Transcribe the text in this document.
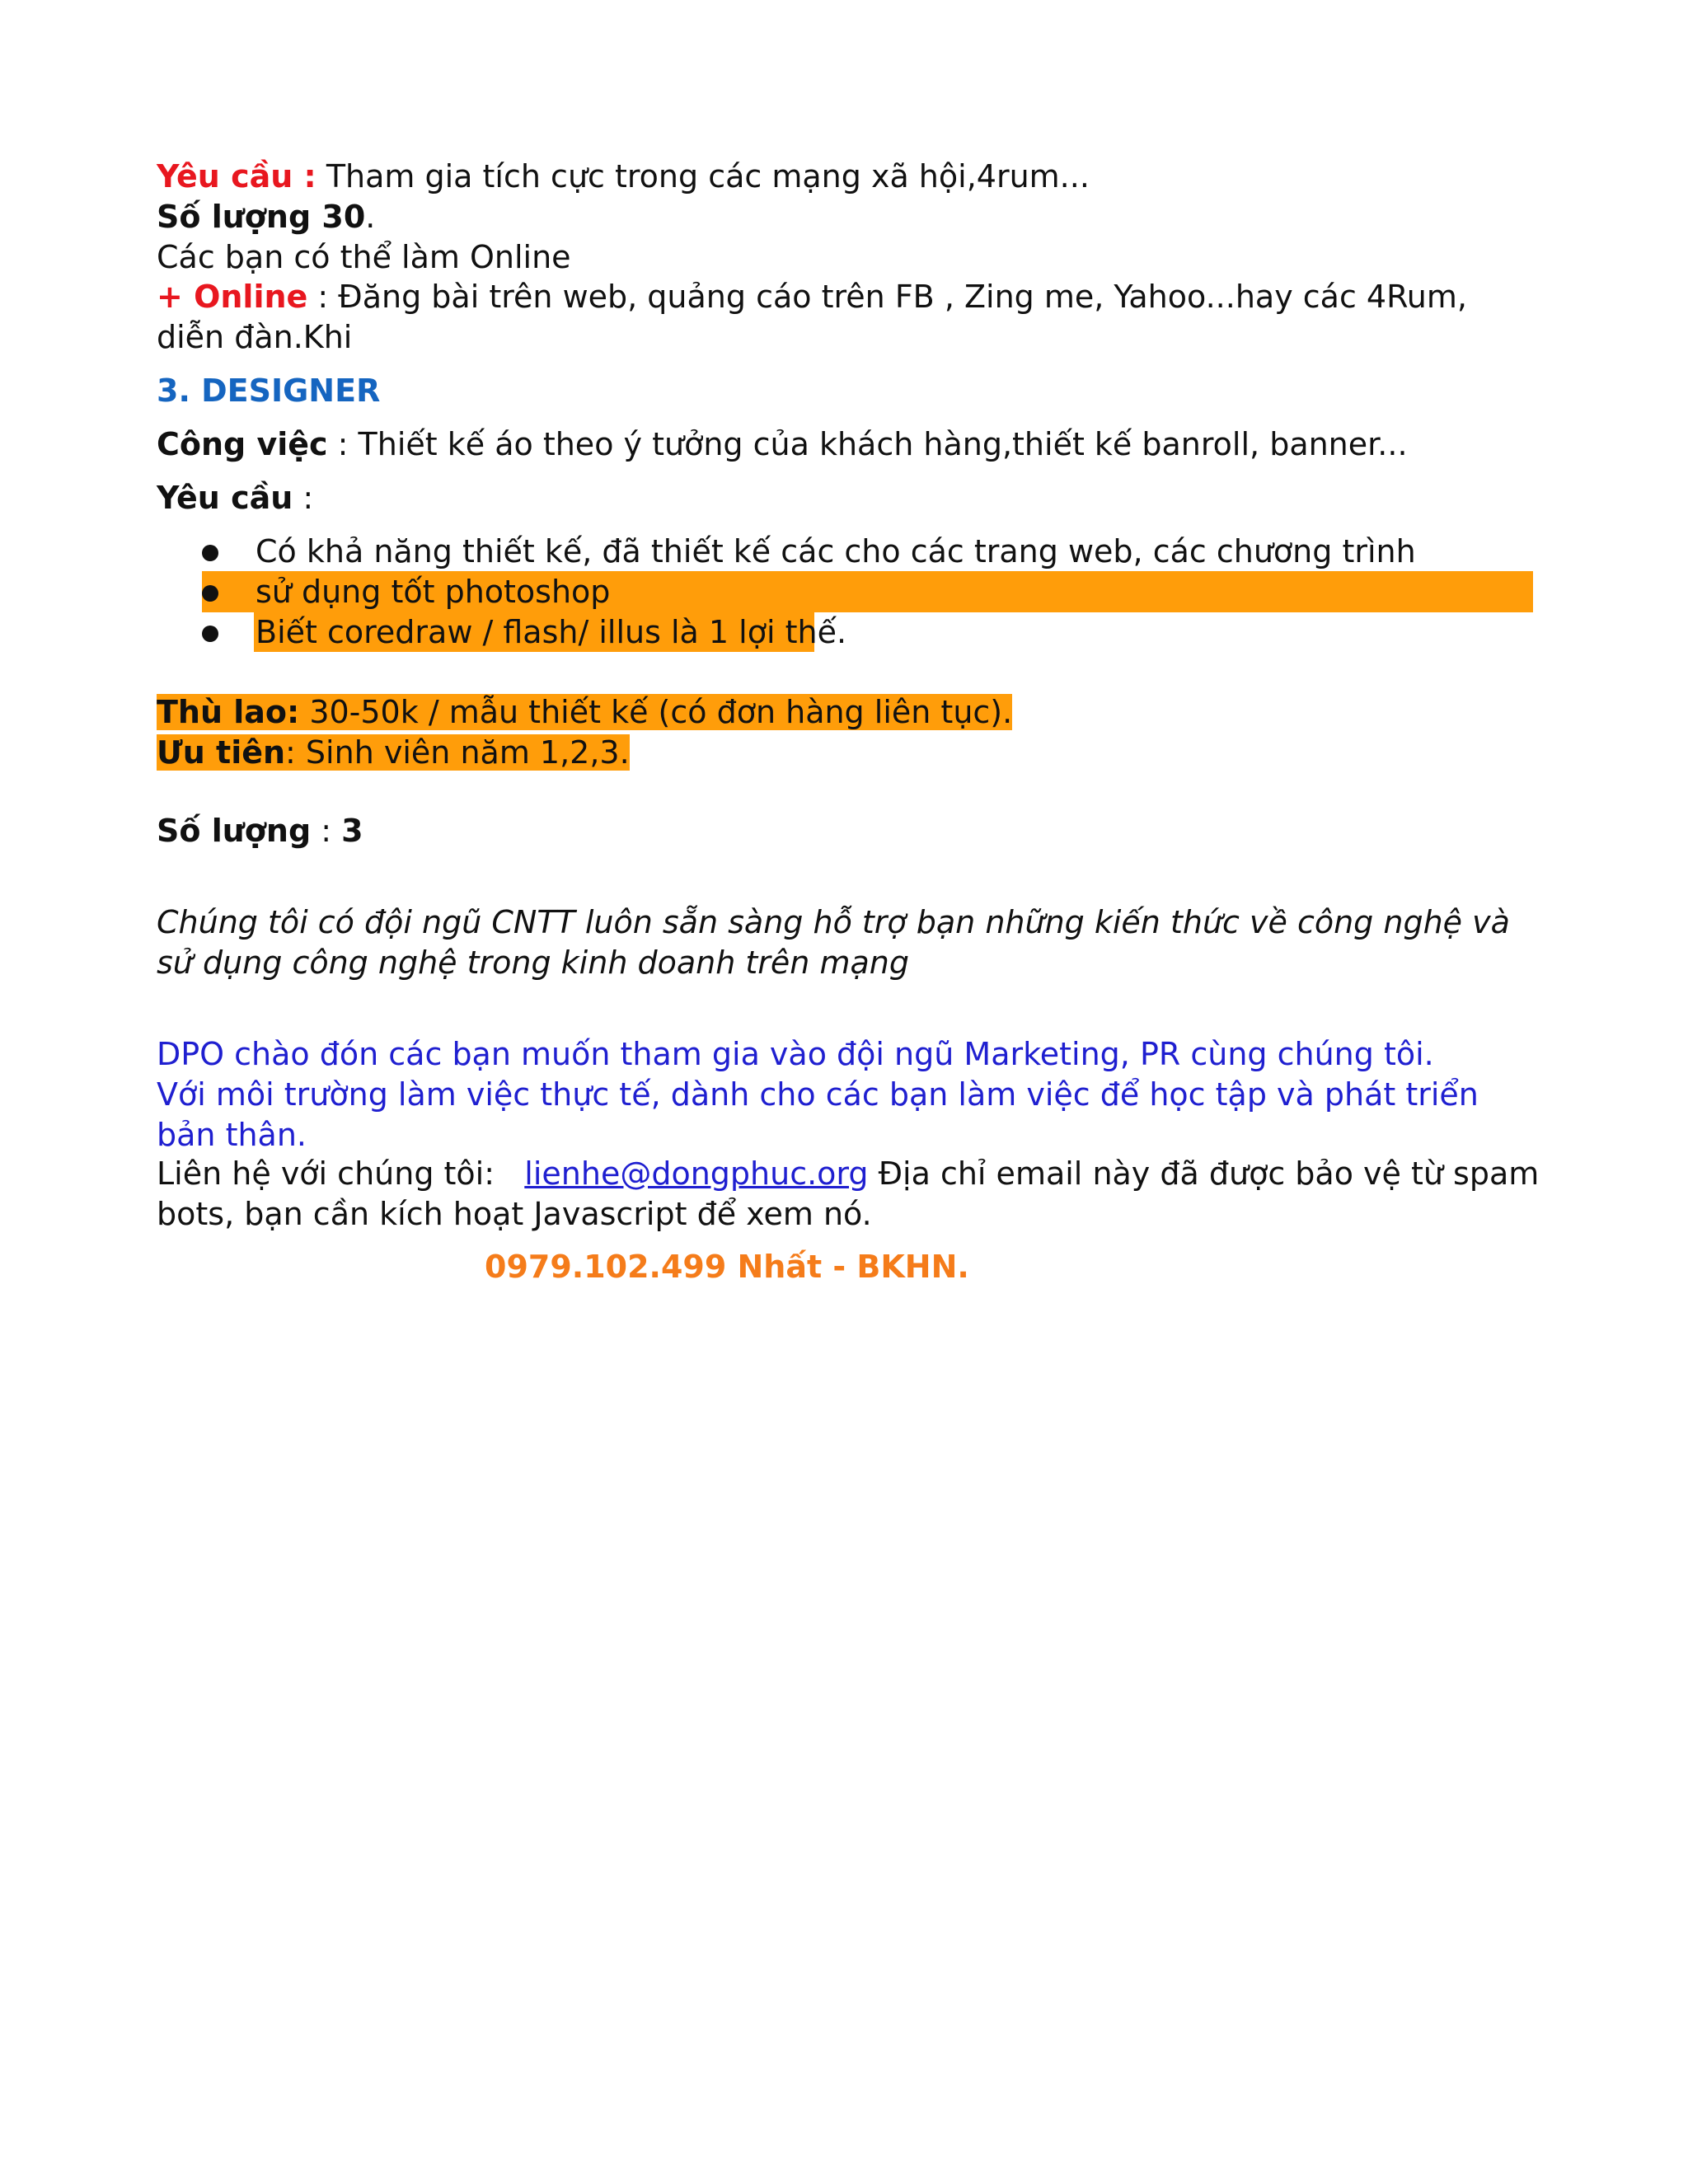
Yêu cầu : Tham gia tích cực trong các mạng xã hội,4rum...
Số lượng 30.
Các bạn có thể làm Online
+ Online : Đăng bài trên web, quảng cáo trên FB , Zing me, Yahoo...hay các 4Rum, diễn đàn.Khi
3. DESIGNER
Công việc : Thiết kế áo theo ý tưởng của khách hàng,thiết kế banroll, banner...
Yêu cầu :
Có khả năng thiết kế, đã thiết kế các cho các trang web, các chương trình
sử dụng tốt photoshop
Biết coredraw / flash/ illus là 1 lợi thế.
Thù lao: 30-50k / mẫu thiết kế (có đơn hàng liên tục).
Ưu tiên: Sinh viên năm 1,2,3.
Số lượng : 3
Chúng tôi có đội ngũ CNTT luôn sẵn sàng hỗ trợ bạn những kiến thức về công nghệ và sử dụng công nghệ trong kinh doanh trên mạng
DPO chào đón các bạn muốn tham gia vào đội ngũ Marketing, PR cùng chúng tôi. Với môi trường làm việc thực tế, dành cho các bạn làm việc để học tập và phát triển bản thân.
Liên hệ với chúng tôi: lienhe@dongphuc.org Địa chỉ email này đã được bảo vệ từ spam bots, bạn cần kích hoạt Javascript để xem nó.
0979.102.499 Nhất - BKHN.
